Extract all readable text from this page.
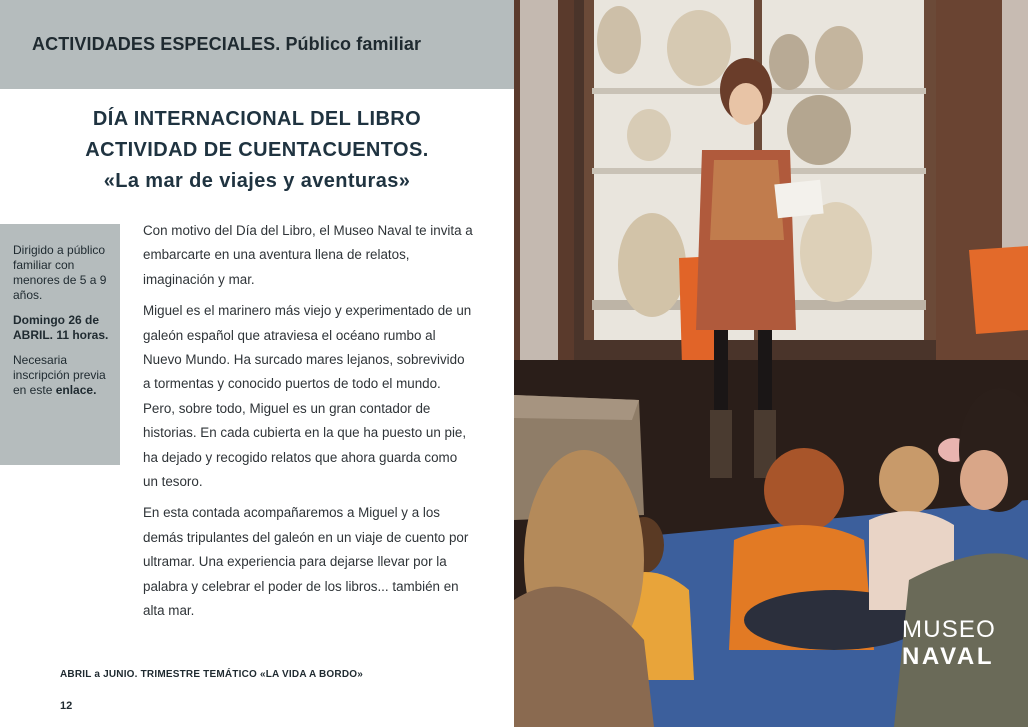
ACTIVIDADES ESPECIALES. Público familiar
DÍA INTERNACIONAL DEL LIBRO
ACTIVIDAD DE CUENTACUENTOS.
«La mar de viajes y aventuras»

Dirigido a público familiar con menores de 5 a 9 años.

Domingo 26 de ABRIL. 11 horas.

Necesaria inscripción previa en este enlace.

Con motivo del Día del Libro, el Museo Naval te invita a embarcarte en una aventura llena de relatos, imaginación y mar.

Miguel es el marinero más viejo y experimentado de un galeón español que atraviesa el océano rumbo al Nuevo Mundo. Ha surcado mares lejanos, sobrevivido a tormentas y conocido puertos de todo el mundo. Pero, sobre todo, Miguel es un gran contador de historias. En cada cubierta en la que ha puesto un pie, ha dejado y recogido relatos que ahora guarda como un tesoro.

En esta contada acompañaremos a Miguel y a los demás tripulantes del galeón en un viaje de cuento por ultramar. Una experiencia para dejarse llevar por la palabra y celebrar el poder de los libros... también en alta mar.

ABRIL a JUNIO. TRIMESTRE TEMÁTICO «LA VIDA A BORDO»
12
MUSEO
NAVAL
